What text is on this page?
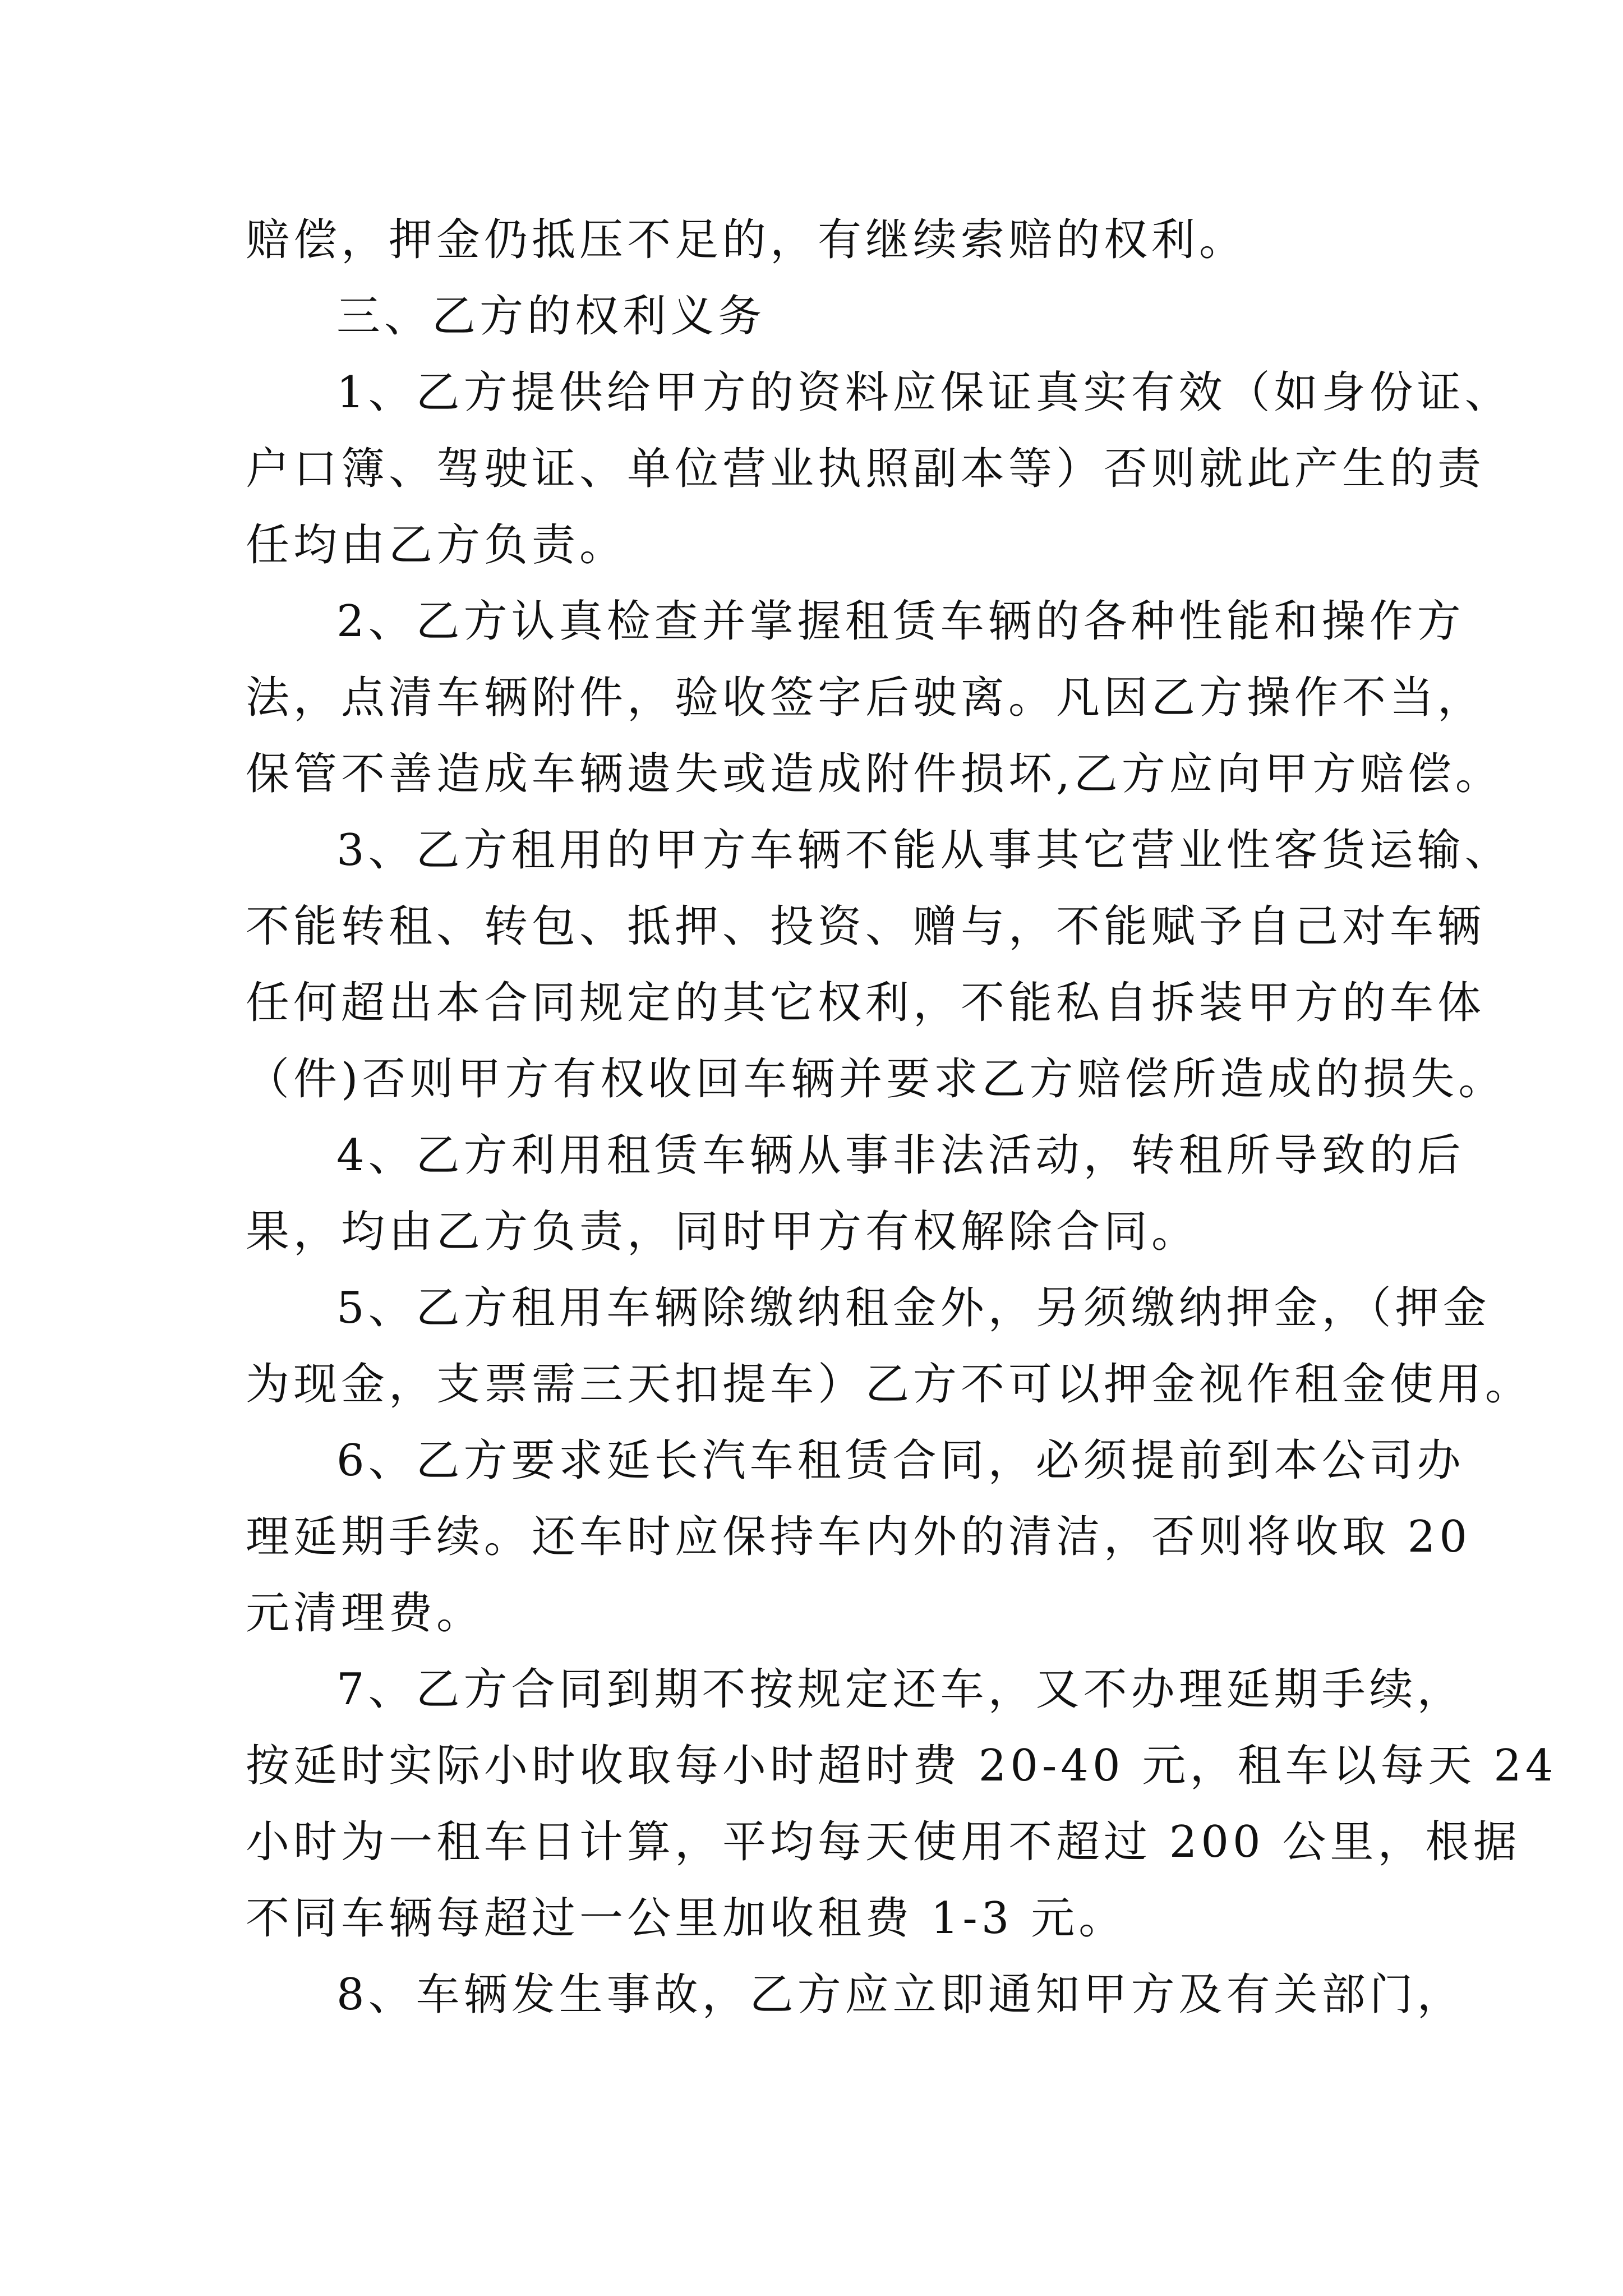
赔偿，押金仍抵压不足的，有继续索赔的权利。
三、乙方的权利义务
1、乙方提供给甲方的资料应保证真实有效（如身份证、
户口簿、驾驶证、单位营业执照副本等）否则就此产生的责
任均由乙方负责。
2、乙方认真检查并掌握租赁车辆的各种性能和操作方
法，点清车辆附件，验收签字后驶离。凡因乙方操作不当，
保管不善造成车辆遗失或造成附件损坏,乙方应向甲方赔偿。
3、乙方租用的甲方车辆不能从事其它营业性客货运输、
不能转租、转包、抵押、投资、赠与，不能赋予自己对车辆
任何超出本合同规定的其它权利，不能私自拆装甲方的车体
（件)否则甲方有权收回车辆并要求乙方赔偿所造成的损失。
4、乙方利用租赁车辆从事非法活动，转租所导致的后
果，均由乙方负责，同时甲方有权解除合同。
5、乙方租用车辆除缴纳租金外，另须缴纳押金，（押金
为现金，支票需三天扣提车）乙方不可以押金视作租金使用。
6、乙方要求延长汽车租赁合同，必须提前到本公司办
理延期手续。还车时应保持车内外的清洁，否则将收取 20
元清理费。
7、乙方合同到期不按规定还车，又不办理延期手续，
按延时实际小时收取每小时超时费 20-40 元，租车以每天 24
小时为一租车日计算，平均每天使用不超过 200 公里，根据
不同车辆每超过一公里加收租费 1-3 元。
8、车辆发生事故，乙方应立即通知甲方及有关部门，
